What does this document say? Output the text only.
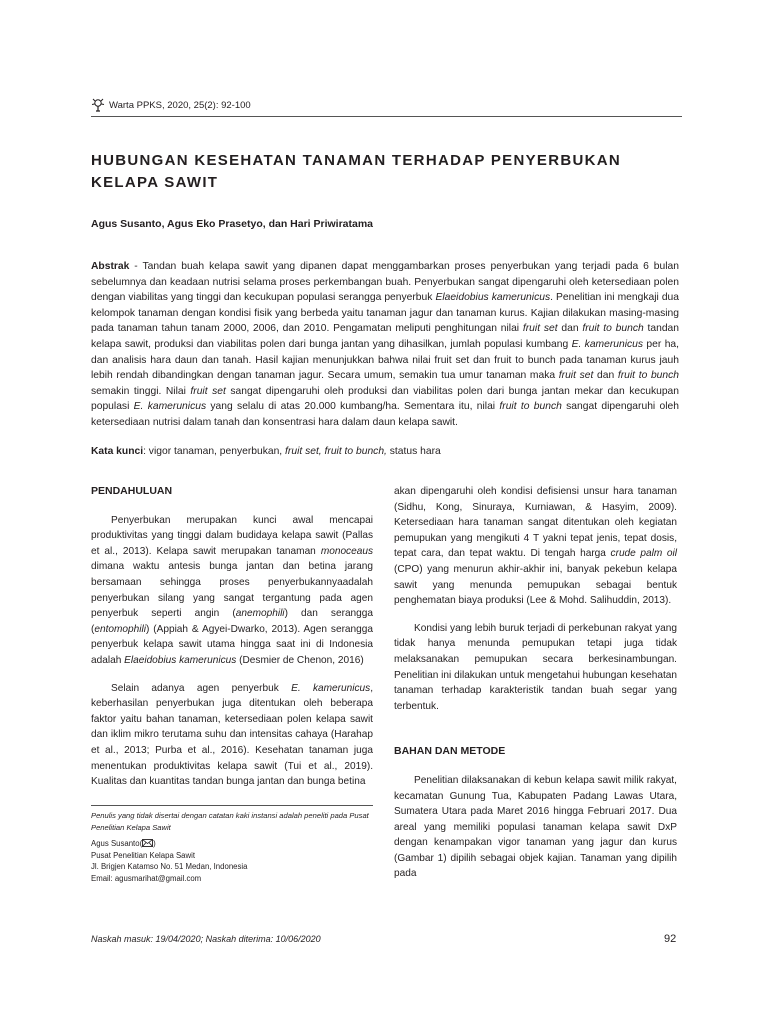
Warta PPKS, 2020, 25(2): 92-100
HUBUNGAN KESEHATAN TANAMAN TERHADAP PENYERBUKAN KELAPA SAWIT
Agus Susanto, Agus Eko Prasetyo, dan Hari Priwiratama

Abstrak - Tandan buah kelapa sawit yang dipanen dapat menggambarkan proses penyerbukan yang terjadi pada 6 bulan sebelumnya dan keadaan nutrisi selama proses perkembangan buah. Penyerbukan sangat dipengaruhi oleh ketersediaan polen dengan viabilitas yang tinggi dan kecukupan populasi serangga penyerbuk Elaeidobius kamerunicus. Penelitian ini mengkaji dua kelompok tanaman dengan kondisi fisik yang berbeda yaitu tanaman jagur dan tanaman kurus. Kajian dilakukan masing-masing pada tanaman tahun tanam 2000, 2006, dan 2010. Pengamatan meliputi penghitungan nilai fruit set dan fruit to bunch tandan kelapa sawit, produksi dan viabilitas polen dari bunga jantan yang dihasilkan, jumlah populasi kumbang E. kamerunicus per ha, dan analisis hara daun dan tanah. Hasil kajian menunjukkan bahwa nilai fruit set dan fruit to bunch pada tanaman kurus jauh lebih rendah dibandingkan dengan tanaman jagur. Secara umum, semakin tua umur tanaman maka fruit set dan fruit to bunch semakin tinggi. Nilai fruit set sangat dipengaruhi oleh produksi dan viabilitas polen dari bunga jantan mekar dan kecukupan populasi E. kamerunicus yang selalu di atas 20.000 kumbang/ha. Sementara itu, nilai fruit to bunch sangat dipengaruhi oleh ketersediaan nutrisi dalam tanah dan konsentrasi hara dalam daun kelapa sawit.

Kata kunci: vigor tanaman, penyerbukan, fruit set, fruit to bunch, status hara

PENDAHULUAN

Penyerbukan merupakan kunci awal mencapai produktivitas yang tinggi dalam budidaya kelapa sawit (Pallas et al., 2013). Kelapa sawit merupakan tanaman monoceaus dimana waktu antesis bunga jantan dan betina jarang bersamaan sehingga proses penyerbukannyaadalah penyerbukan silang yang sangat tergantung pada agen penyerbuk seperti angin (anemophili) dan serangga (entomophili) (Appiah & Agyei-Dwarko, 2013). Agen serangga penyerbuk kelapa sawit utama hingga saat ini di Indonesia adalah Elaeidobius kamerunicus (Desmier de Chenon, 2016)

Selain adanya agen penyerbuk E. kamerunicus, keberhasilan penyerbukan juga ditentukan oleh beberapa faktor yaitu bahan tanaman, ketersediaan polen kelapa sawit dan iklim mikro terutama suhu dan intensitas cahaya (Harahap et al., 2013; Purba et al., 2016). Kesehatan tanaman juga menentukan produktivitas kelapa sawit (Tui et al., 2019). Kualitas dan kuantitas tandan bunga jantan dan bunga betina

akan dipengaruhi oleh kondisi defisiensi unsur hara tanaman (Sidhu, Kong, Sinuraya, Kurniawan, & Hasyim, 2009). Ketersediaan hara tanaman sangat ditentukan oleh kegiatan pemupukan yang mengikuti 4 T yakni tepat jenis, tepat dosis, tepat cara, dan tepat waktu. Di tengah harga crude palm oil (CPO) yang menurun akhir-akhir ini, banyak pekebun kelapa sawit yang menunda pemupukan sebagai bentuk penghematan biaya produksi (Lee & Mohd. Salihuddin, 2013).

Kondisi yang lebih buruk terjadi di perkebunan rakyat yang tidak hanya menunda pemupukan tetapi juga tidak melaksanakan pemupukan secara berkesinambungan. Penelitian ini dilakukan untuk mengetahui hubungan kesehatan tanaman terhadap karakteristik tandan buah segar yang terbentuk.

BAHAN DAN METODE

Penelitian dilaksanakan di kebun kelapa sawit milik rakyat, kecamatan Gunung Tua, Kabupaten Padang Lawas Utara, Sumatera Utara pada Maret 2016 hingga Februari 2017. Dua areal yang memiliki populasi tanaman kelapa sawit DxP dengan kenampakan vigor tanaman yang jagur dan kurus (Gambar 1) dipilih sebagai objek kajian. Tanaman yang dipilih pada

Penulis yang tidak disertai dengan catatan kaki instansi adalah peneliti pada Pusat Penelitian Kelapa Sawit

Agus Susanto( )
Pusat Penelitian Kelapa Sawit
Jl. Brigjen Katamso No. 51 Medan, Indonesia
Email: agusmarihat@gmail.com
Naskah masuk: 19/04/2020; Naskah diterima: 10/06/2020	92
